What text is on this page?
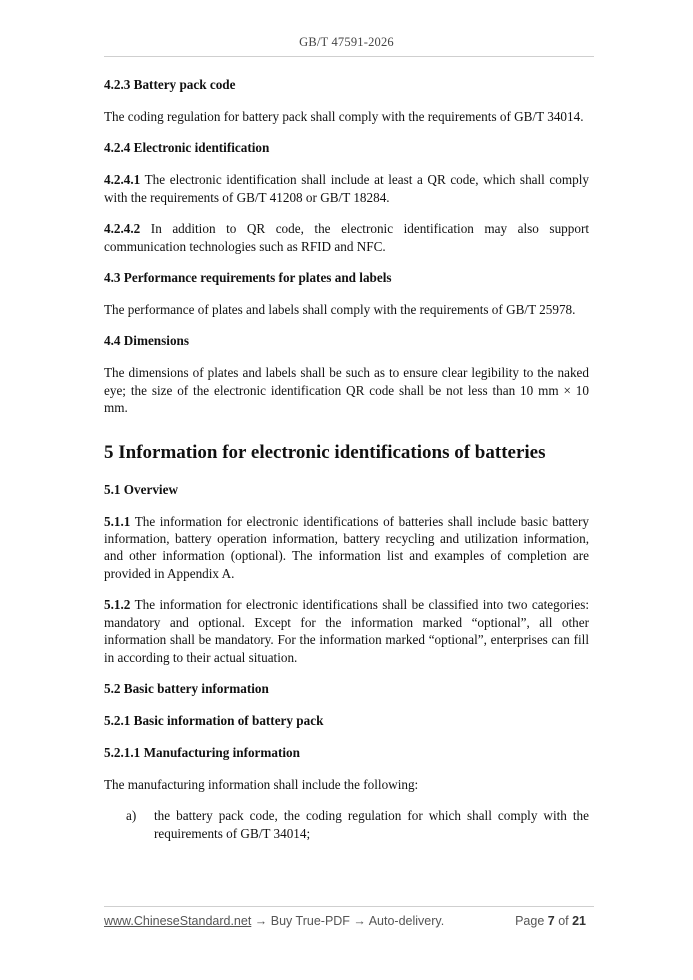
GB/T 47591-2026
4.2.3 Battery pack code
The coding regulation for battery pack shall comply with the requirements of GB/T 34014.
4.2.4 Electronic identification
4.2.4.1 The electronic identification shall include at least a QR code, which shall comply with the requirements of GB/T 41208 or GB/T 18284.
4.2.4.2 In addition to QR code, the electronic identification may also support communication technologies such as RFID and NFC.
4.3 Performance requirements for plates and labels
The performance of plates and labels shall comply with the requirements of GB/T 25978.
4.4 Dimensions
The dimensions of plates and labels shall be such as to ensure clear legibility to the naked eye; the size of the electronic identification QR code shall be not less than 10 mm × 10 mm.
5 Information for electronic identifications of batteries
5.1 Overview
5.1.1 The information for electronic identifications of batteries shall include basic battery information, battery operation information, battery recycling and utilization information, and other information (optional). The information list and examples of completion are provided in Appendix A.
5.1.2 The information for electronic identifications shall be classified into two categories: mandatory and optional. Except for the information marked “optional”, all other information shall be mandatory. For the information marked “optional”, enterprises can fill in according to their actual situation.
5.2 Basic battery information
5.2.1 Basic information of battery pack
5.2.1.1 Manufacturing information
The manufacturing information shall include the following:
a) the battery pack code, the coding regulation for which shall comply with the requirements of GB/T 34014;
www.ChineseStandard.net → Buy True-PDF → Auto-delivery.	Page 7 of 21
